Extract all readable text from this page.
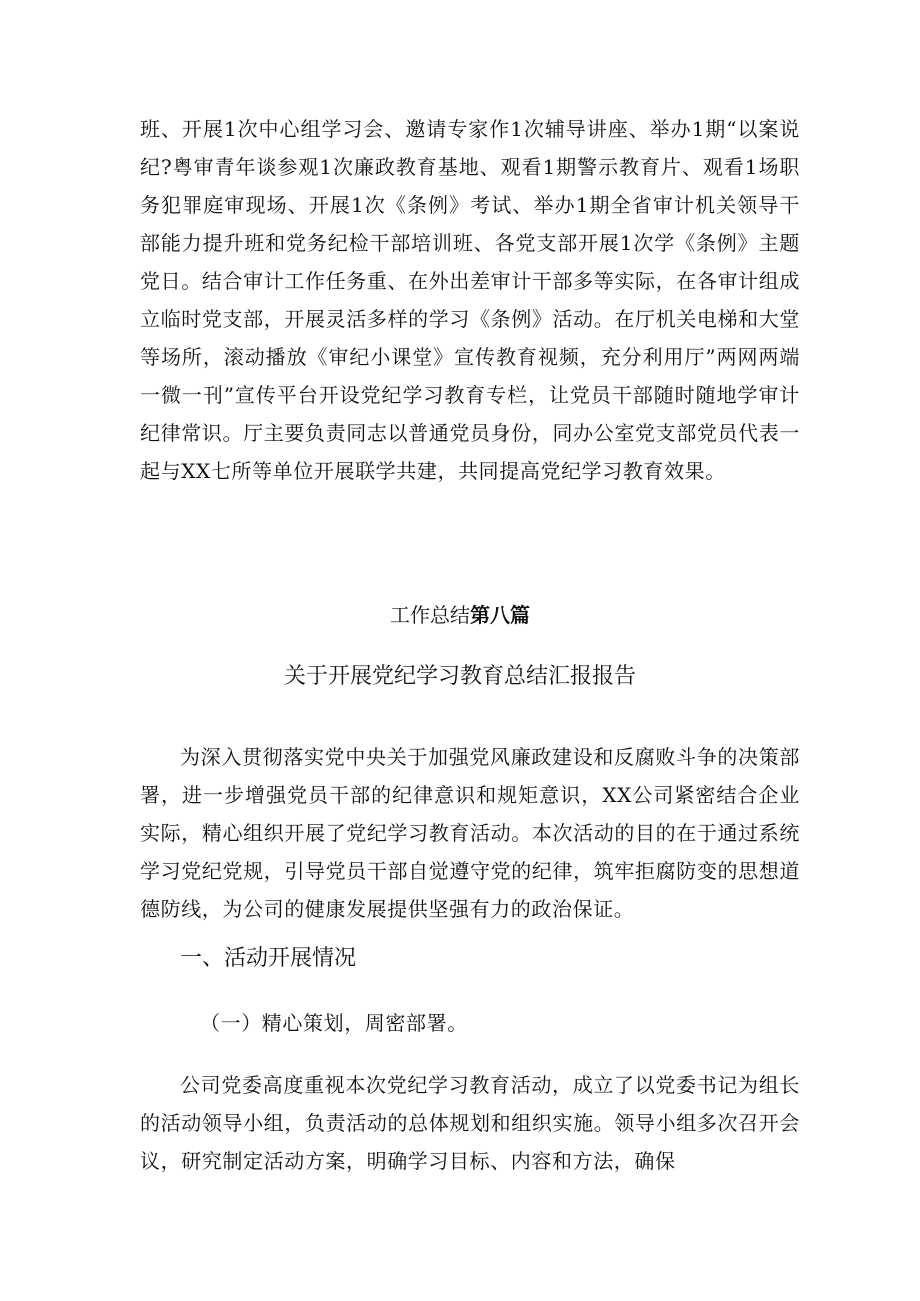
班、开展1次中心组学习会、邀请专家作1次辅导讲座、举办1期“以案说纪?粤审青年谈参观1次廉政教育基地、观看1期警示教育片、观看1场职务犯罪庭审现场、开展1次《条例》考试、举办1期全省审计机关领导干部能力提升班和党务纪检干部培训班、各党支部开展1次学《条例》主题党日。结合审计工作任务重、在外出差审计干部多等实际，在各审计组成立临时党支部，开展灵活多样的学习《条例》活动。在厅机关电梯和大堂等场所，滚动播放《审纪小课堂》宣传教育视频，充分利用厅”两网两端一微一刊”宣传平台开设党纪学习教育专栏，让党员干部随时随地学审计纪律常识。厅主要负责同志以普通党员身份，同办公室党支部党员代表一起与XX七所等单位开展联学共建，共同提高党纪学习教育效果。

工作总结第八篇
关于开展党纪学习教育总结汇报报告

为深入贯彻落实党中央关于加强党风廉政建设和反腐败斗争的决策部署，进一步增强党员干部的纪律意识和规矩意识，XX公司紧密结合企业实际，精心组织开展了党纪学习教育活动。本次活动的目的在于通过系统学习党纪党规，引导党员干部自觉遵守党的纪律，筑牢拒腐防变的思想道德防线，为公司的健康发展提供坚强有力的政治保证。

一、活动开展情况

（一）精心策划，周密部署。

公司党委高度重视本次党纪学习教育活动，成立了以党委书记为组长的活动领导小组，负责活动的总体规划和组织实施。领导小组多次召开会议，研究制定活动方案，明确学习目标、内容和方法，确保
